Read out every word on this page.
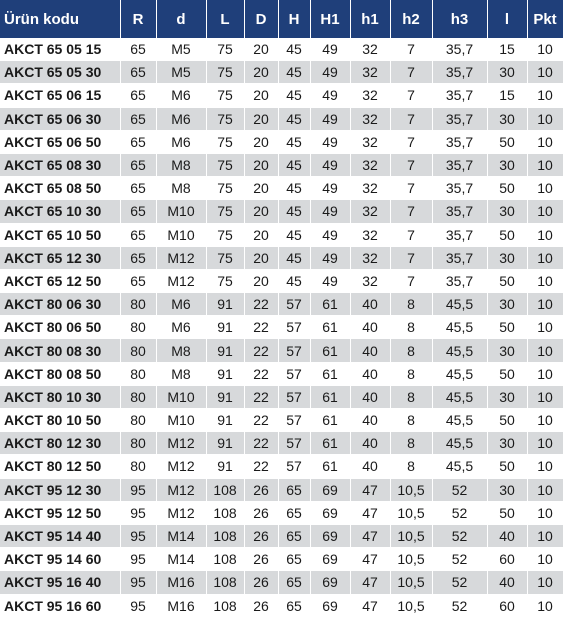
Ürün kodu	R	d	L	D	H	H1	h1	h2	h3	l	Pkt
AKCT 65 05 15	65	M5	75	20	45	49	32	7	35,7	15	10
AKCT 65 05 30	65	M5	75	20	45	49	32	7	35,7	30	10
AKCT 65 06 15	65	M6	75	20	45	49	32	7	35,7	15	10
AKCT 65 06 30	65	M6	75	20	45	49	32	7	35,7	30	10
AKCT 65 06 50	65	M6	75	20	45	49	32	7	35,7	50	10
AKCT 65 08 30	65	M8	75	20	45	49	32	7	35,7	30	10
AKCT 65 08 50	65	M8	75	20	45	49	32	7	35,7	50	10
AKCT 65 10 30	65	M10	75	20	45	49	32	7	35,7	30	10
AKCT 65 10 50	65	M10	75	20	45	49	32	7	35,7	50	10
AKCT 65 12 30	65	M12	75	20	45	49	32	7	35,7	30	10
AKCT 65 12 50	65	M12	75	20	45	49	32	7	35,7	50	10
AKCT 80 06 30	80	M6	91	22	57	61	40	8	45,5	30	10
AKCT 80 06 50	80	M6	91	22	57	61	40	8	45,5	50	10
AKCT 80 08 30	80	M8	91	22	57	61	40	8	45,5	30	10
AKCT 80 08 50	80	M8	91	22	57	61	40	8	45,5	50	10
AKCT 80 10 30	80	M10	91	22	57	61	40	8	45,5	30	10
AKCT 80 10 50	80	M10	91	22	57	61	40	8	45,5	50	10
AKCT 80 12 30	80	M12	91	22	57	61	40	8	45,5	30	10
AKCT 80 12 50	80	M12	91	22	57	61	40	8	45,5	50	10
AKCT 95 12 30	95	M12	108	26	65	69	47	10,5	52	30	10
AKCT 95 12 50	95	M12	108	26	65	69	47	10,5	52	50	10
AKCT 95 14 40	95	M14	108	26	65	69	47	10,5	52	40	10
AKCT 95 14 60	95	M14	108	26	65	69	47	10,5	52	60	10
AKCT 95 16 40	95	M16	108	26	65	69	47	10,5	52	40	10
AKCT 95 16 60	95	M16	108	26	65	69	47	10,5	52	60	10
